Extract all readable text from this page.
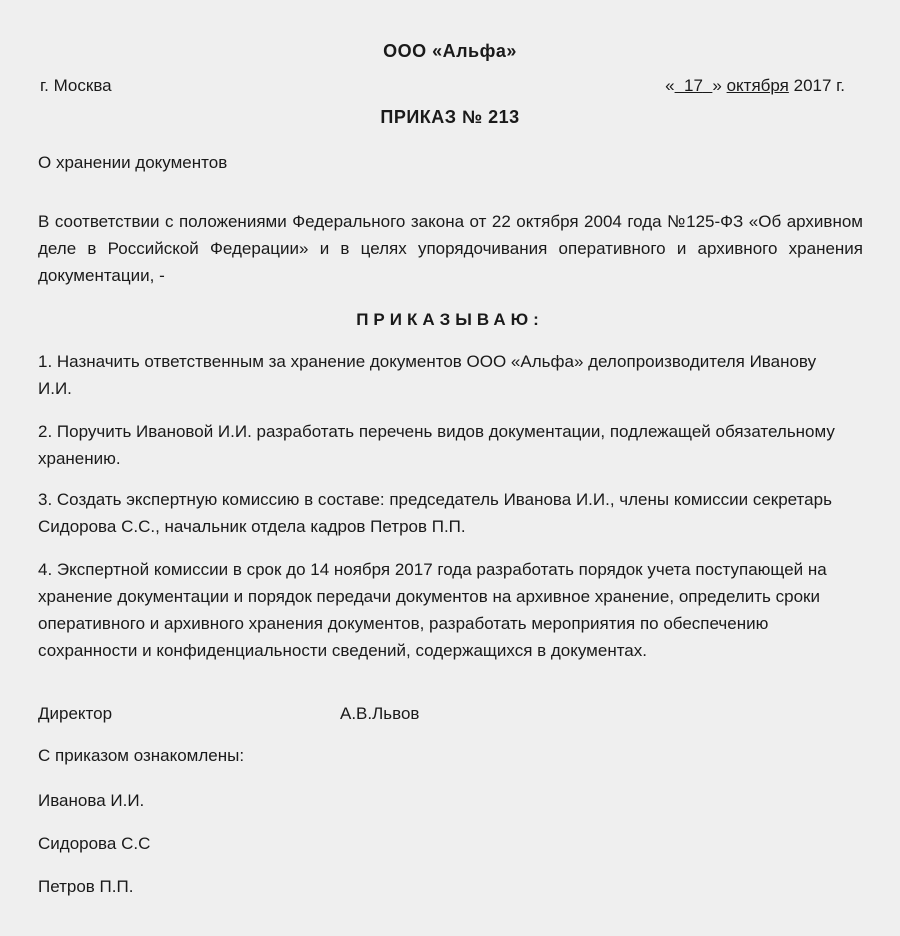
ООО «Альфа»
г. Москва	« 17 » октября 2017 г.
ПРИКАЗ № 213
О хранении документов
В соответствии с положениями Федерального закона от 22 октября 2004 года №125-ФЗ «Об архивном деле в Российской Федерации» и в целях упорядочивания оперативного и архивного хранения документации, -
ПРИКАЗЫВАЮ:
1. Назначить ответственным за хранение документов ООО «Альфа» делопроизводителя Иванову И.И.
2. Поручить Ивановой И.И. разработать перечень видов документации, подлежащей обязательному хранению.
3. Создать экспертную комиссию в составе: председатель Иванова И.И., члены комиссии секретарь Сидорова С.С., начальник отдела кадров Петров П.П.
4. Экспертной комиссии в срок до 14 ноября 2017 года разработать порядок учета поступающей на хранение документации и порядок передачи документов на архивное хранение, определить сроки оперативного и архивного хранения документов, разработать мероприятия по обеспечению сохранности и конфиденциальности сведений, содержащихся в документах.
Директор	А.В.Львов
С приказом ознакомлены:
Иванова И.И.
Сидорова С.С
Петров П.П.
